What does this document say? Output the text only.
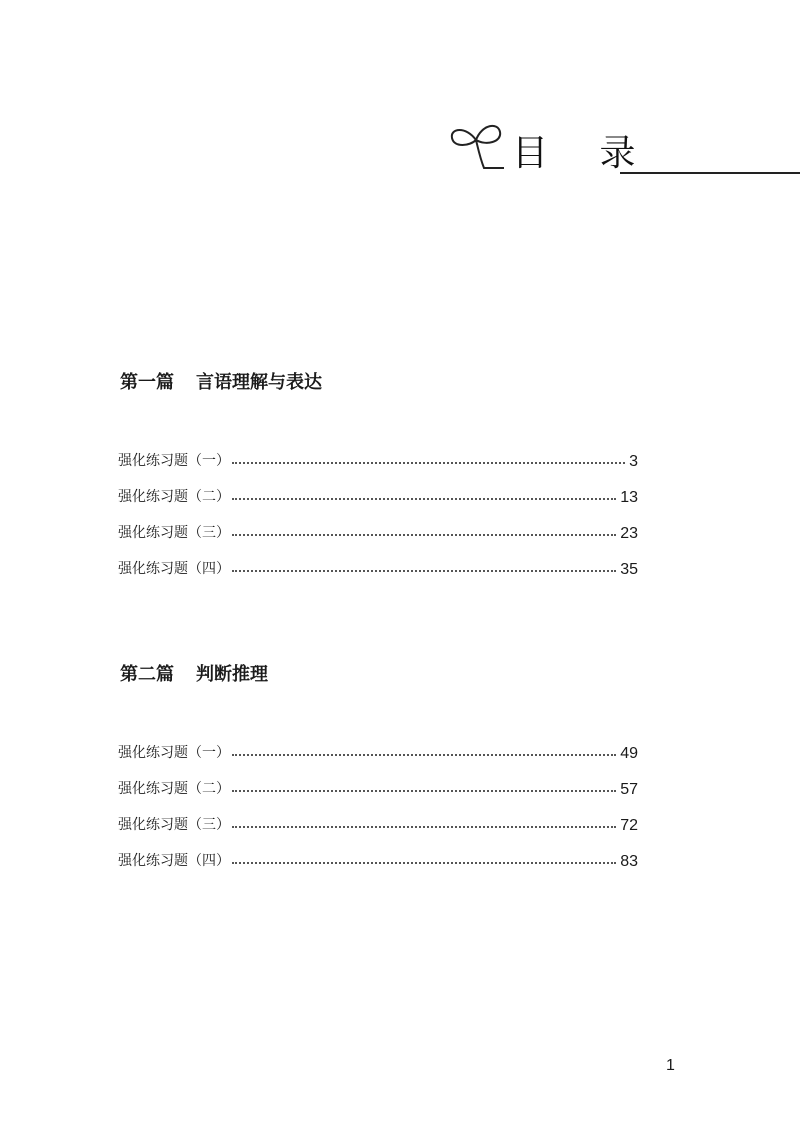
目 录
第一篇 言语理解与表达
强化练习题（一）	3
强化练习题（二）	13
强化练习题（三）	23
强化练习题（四）	35
第二篇 判断推理
强化练习题（一）	49
强化练习题（二）	57
强化练习题（三）	72
强化练习题（四）	83
1
